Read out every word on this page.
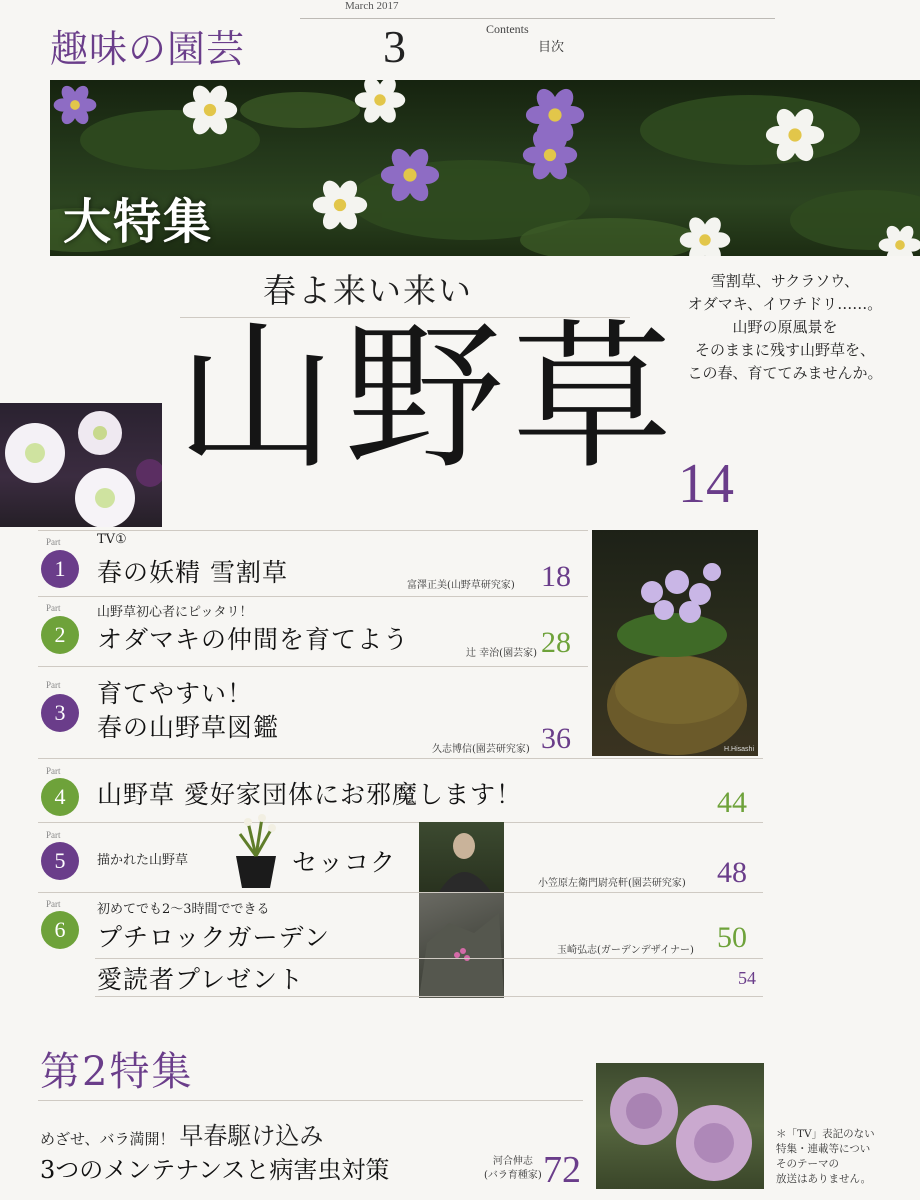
趣味の園芸
March 2017
3	Contents
目次
大特集
春よ来い来い
山野草
14
雪割草、サクラソウ、
オダマキ、イワチドリ……。
山野の原風景を
そのままに残す山野草を、
この春、育ててみませんか。
Part
1
TV①
春の妖精 雪割草	富澤正美(山野草研究家) 18
Part
2
山野草初心者にピッタリ！
オダマキの仲間を育てよう	辻 幸治(園芸家) 28
Part
3
育てやすい！
春の山野草図鑑
久志博信(園芸研究家) 36	H.Hisashi
Part
4	山野草 愛好家団体にお邪魔します！	44
Part
5	描かれた山野草	セッコク
小笠原左衛門尉亮軒(園芸研究家) 48
Part
6
初めてでも2〜3時間でできる
プチロックガーデン	玉崎弘志(ガーデンデザイナー) 50
愛読者プレゼント	54
第2特集
めざせ、バラ満開！ 早春駆け込み
3つのメンテナンスと病害虫対策	河合伸志
(バラ育種家) 72
＊「TV」表記のない
特集・連載等につい
そのテーマの
放送はありません。
